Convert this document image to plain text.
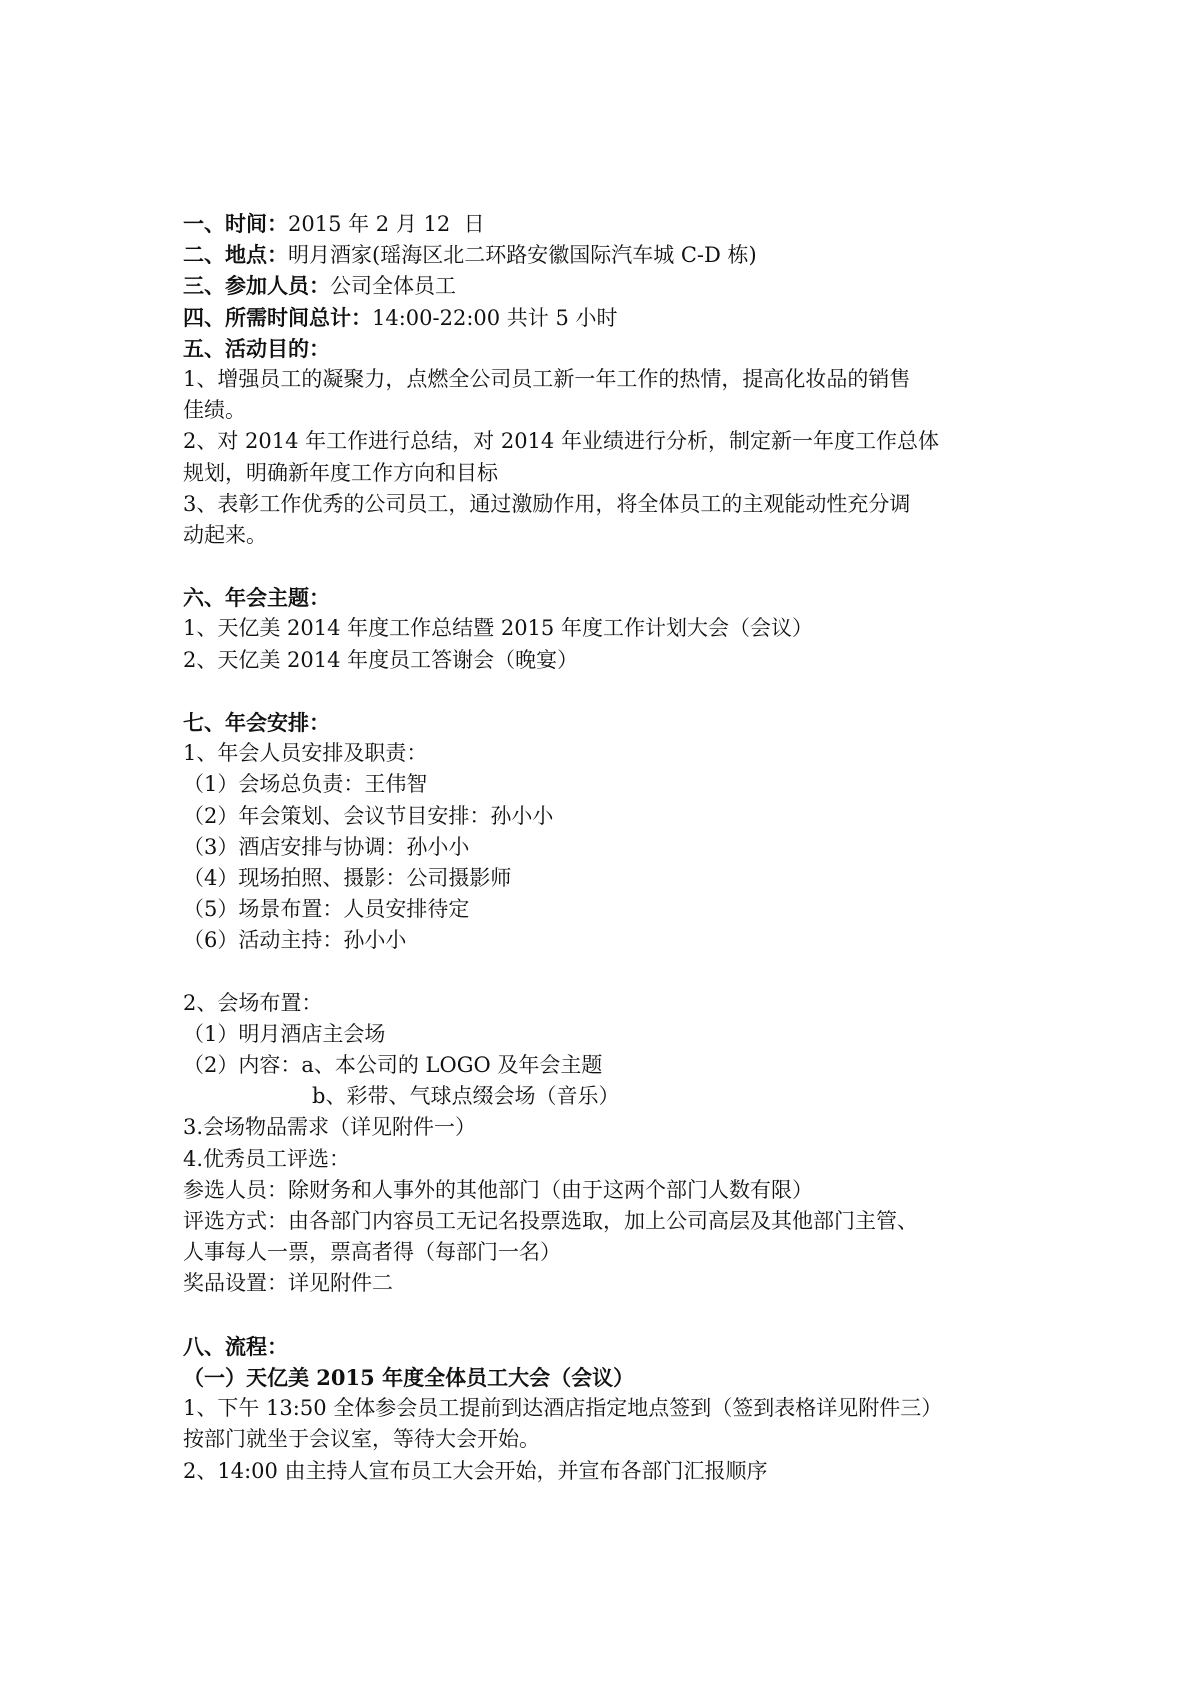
一、时间：2015 年 2 月 12  日
二、地点：明月酒家(瑶海区北二环路安徽国际汽车城 C-D 栋)
三、参加人员：公司全体员工
四、所需时间总计：14:00-22:00 共计 5 小时
五、活动目的：
1、增强员工的凝聚力，点燃全公司员工新一年工作的热情，提高化妆品的销售
佳绩。
2、对 2014 年工作进行总结，对 2014 年业绩进行分析，制定新一年度工作总体
规划，明确新年度工作方向和目标
3、表彰工作优秀的公司员工，通过激励作用，将全体员工的主观能动性充分调
动起来。
六、年会主题：
1、天亿美 2014 年度工作总结暨 2015 年度工作计划大会（会议）
2、天亿美 2014 年度员工答谢会（晚宴）
七、年会安排：
1、年会人员安排及职责：
（1）会场总负责：王伟智
（2）年会策划、会议节目安排：孙小小
（3）酒店安排与协调：孙小小
（4）现场拍照、摄影：公司摄影师
（5）场景布置：人员安排待定
（6）活动主持：孙小小
2、会场布置：
（1）明月酒店主会场
（2）内容：a、本公司的 LOGO 及年会主题
b、彩带、气球点缀会场（音乐）
3.会场物品需求（详见附件一）
4.优秀员工评选：
参选人员：除财务和人事外的其他部门（由于这两个部门人数有限）
评选方式：由各部门内容员工无记名投票选取，加上公司高层及其他部门主管、
人事每人一票，票高者得（每部门一名）
奖品设置：详见附件二
八、流程：
（一）天亿美 2015 年度全体员工大会（会议）
1、下午 13:50 全体参会员工提前到达酒店指定地点签到（签到表格详见附件三）
按部门就坐于会议室，等待大会开始。
2、14:00 由主持人宣布员工大会开始，并宣布各部门汇报顺序
